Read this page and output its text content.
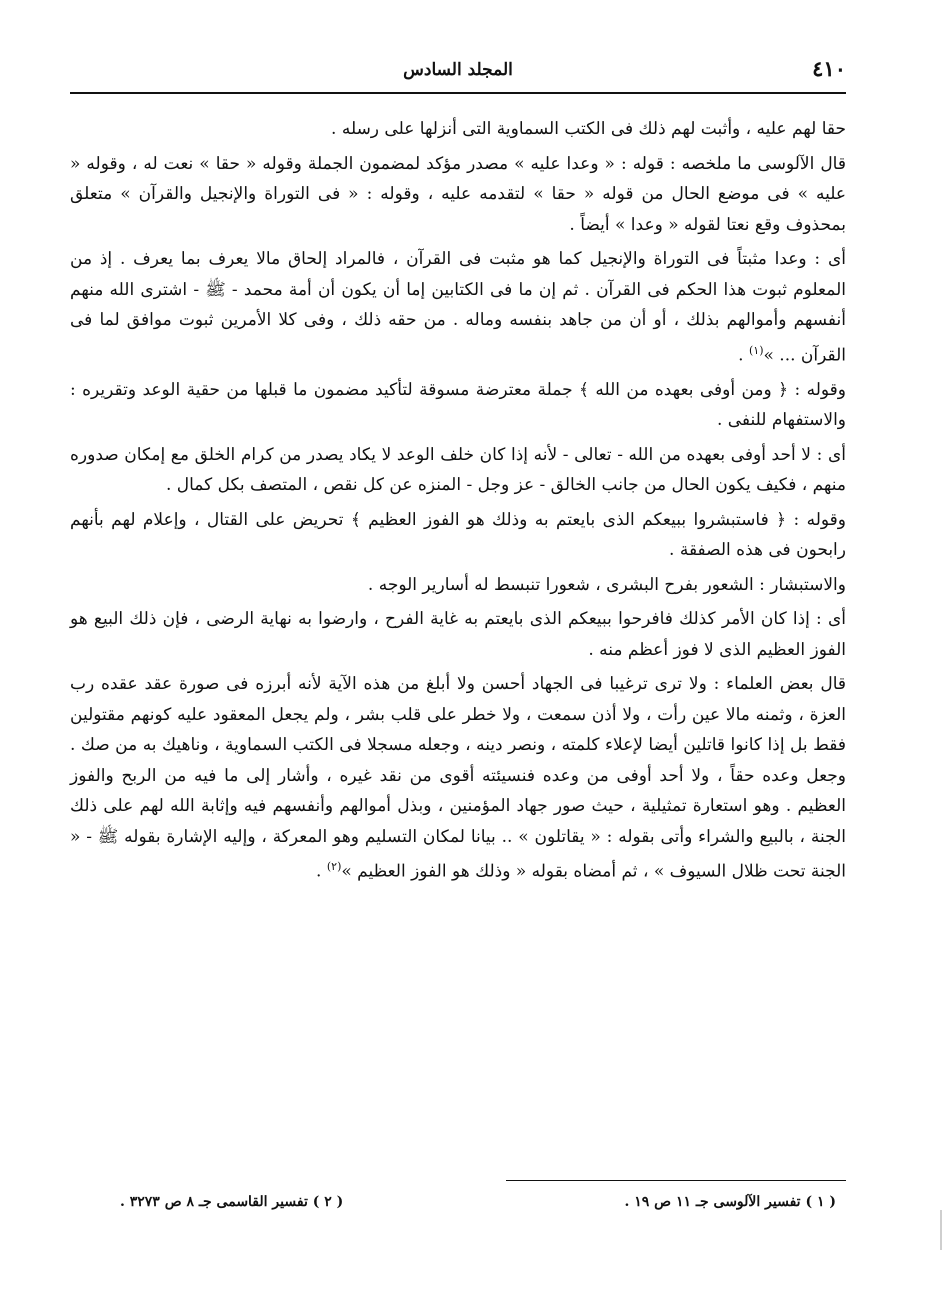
٤١٠
المجلد السادس

حقا لهم عليه ، وأثبت لهم ذلك فى الكتب السماوية التى أنزلها على رسله .

قال الآلوسى ما ملخصه : قوله : « وعدا عليه » مصدر مؤكد لمضمون الجملة وقوله « حقا » نعت له ، وقوله « عليه » فى موضع الحال من قوله « حقا » لتقدمه عليه ، وقوله : « فى التوراة والإنجيل والقرآن » متعلق بمحذوف وقع نعتا لقوله « وعدا » أيضاً .

أى : وعدا مثبتاً فى التوراة والإنجيل كما هو مثبت فى القرآن ، فالمراد إلحاق مالا يعرف بما يعرف . إذ من المعلوم ثبوت هذا الحكم فى القرآن . ثم إن ما فى الكتابين إما أن يكون أن أمة محمد - ﷺ - اشترى الله منهم أنفسهم وأموالهم بذلك ، أو أن من جاهد بنفسه وماله . من حقه ذلك ، وفى كلا الأمرين ثبوت موافق لما فى القرآن ... »$^{(١)}$ .

وقوله : ﴿ ومن أوفى بعهده من الله ﴾ جملة معترضة مسوقة لتأكيد مضمون ما قبلها من حقية الوعد وتقريره : والاستفهام للنفى .

أى : لا أحد أوفى بعهده من الله - تعالى - لأنه إذا كان خلف الوعد لا يكاد يصدر من كرام الخلق مع إمكان صدوره منهم ، فكيف يكون الحال من جانب الخالق - عز وجل - المنزه عن كل نقص ، المتصف بكل كمال .

وقوله : ﴿ فاستبشروا ببيعكم الذى بايعتم به وذلك هو الفوز العظيم ﴾ تحريض على القتال ، وإعلام لهم بأنهم رابحون فى هذه الصفقة .

والاستبشار : الشعور بفرح البشرى ، شعورا تنبسط له أسارير الوجه .

أى : إذا كان الأمر كذلك فافرحوا ببيعكم الذى بايعتم به غاية الفرح ، وارضوا به نهاية الرضى ، فإن ذلك البيع هو الفوز العظيم الذى لا فوز أعظم منه .

قال بعض العلماء : ولا ترى ترغيبا فى الجهاد أحسن ولا أبلغ من هذه الآية لأنه أبرزه فى صورة عقد عقده رب العزة ، وثمنه مالا عين رأت ، ولا أذن سمعت ، ولا خطر على قلب بشر ، ولم يجعل المعقود عليه كونهم مقتولين فقط بل إذا كانوا قاتلين أيضا لإعلاء كلمته ، ونصر دينه ، وجعله مسجلا فى الكتب السماوية ، وناهيك به من صك . وجعل وعده حقاً ، ولا أحد أوفى من وعده فنسيئته أقوى من نقد غيره ، وأشار إلى ما فيه من الربح والفوز العظيم . وهو استعارة تمثيلية ، حيث صور جهاد المؤمنين ، وبذل أموالهم وأنفسهم فيه وإثابة الله لهم على ذلك الجنة ، بالبيع والشراء وأتى بقوله : « يقاتلون » .. بيانا لمكان التسليم وهو المعركة ، وإليه الإشارة بقوله ﷺ - « الجنة تحت ظلال السيوف » ، ثم أمضاه بقوله « وذلك هو الفوز العظيم »$^{(٢)}$ .

( ١ ) تفسير الآلوسى جـ ١١ ص ١٩ .
( ٢ ) تفسير القاسمى جـ ٨ ص ٣٢٧٣ .
